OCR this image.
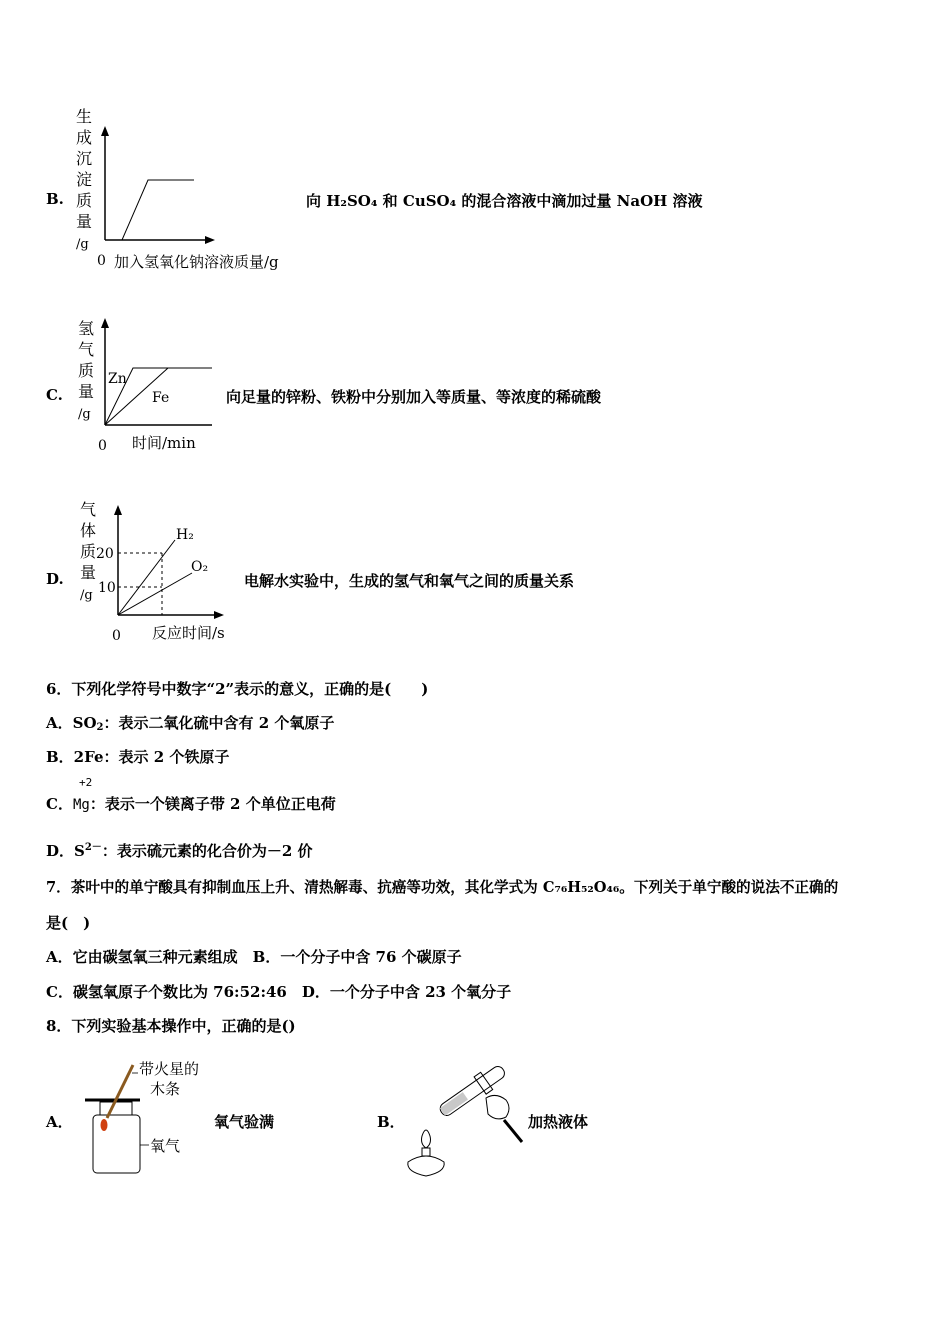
B.
生
成
沉
淀
质
量
/g
0 加入氢氧化钠溶液质量/g
向 H₂SO₄ 和 CuSO₄ 的混合溶液中滴加过量 NaOH 溶液
C.
氢
气
质
量
/g
Zn
Fe
0 时间/min
向足量的锌粉、铁粉中分别加入等质量、等浓度的稀硫酸
D.
气
体
质
量
/g
20
10
H₂
O₂
0 反应时间/s
电解水实验中，生成的氢气和氧气之间的质量关系
6．下列化学符号中数字“2”表示的意义，正确的是(　　)
A．$SO_2$：表示二氧化硫中含有 2 个氧原子
B．2Fe：表示 2 个铁原子
+2
C．Mg：表示一个镁离子带 2 个单位正电荷
D．$S^{2-}$：表示硫元素的化合价为－2 价
7．茶叶中的单宁酸具有抑制血压上升、清热解毒、抗癌等功效，其化学式为 C₇₆H₅₂O₄₆。下列关于单宁酸的说法不正确的
是(　)
A．它由碳氢氧三种元素组成　B．一个分子中含 76 个碳原子
C．碳氢氧原子个数比为 76:52:46　D．一个分子中含 23 个氧分子
8．下列实验基本操作中，正确的是()
A．
带火星的
木条
氧气
氧气验满	B．	加热液体
